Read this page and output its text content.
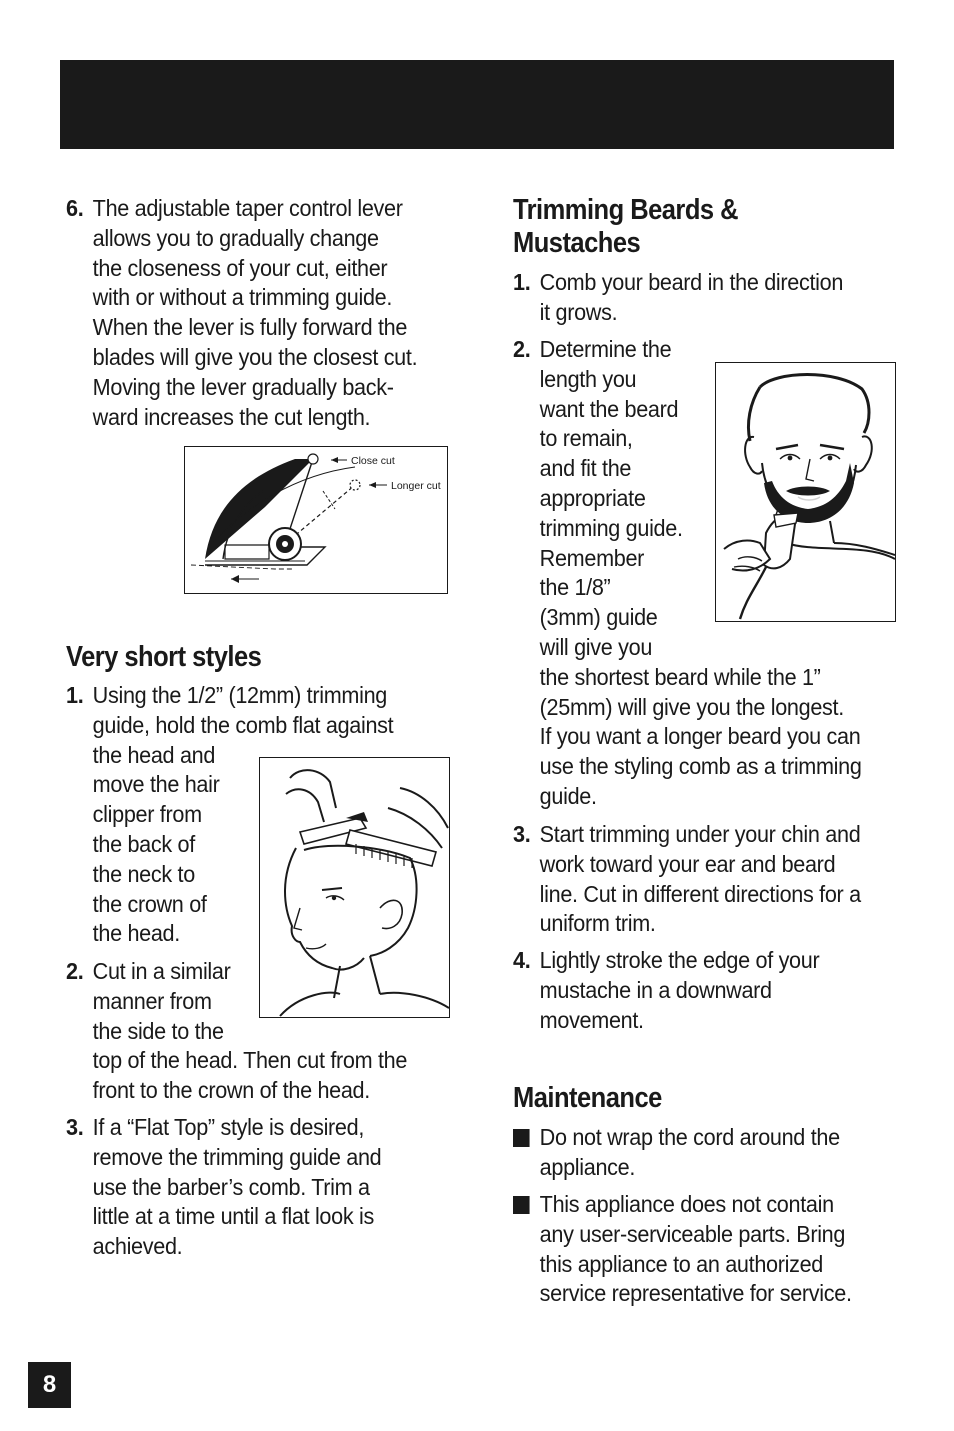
6. The adjustable taper control lever
allows you to gradually change
the closeness of your cut, either
with or without a trimming guide.
When the lever is fully forward the
blades will give you the closest cut.
Moving the lever gradually back-
ward increases the cut length.
Very short styles
1. Using the 1/2” (12mm) trimming
guide, hold the comb flat against
the head and
move the hair
clipper from
the back of
the neck to
the crown of
the head.
2. Cut in a similar
manner from
the side to the
top of the head. Then cut from the
front to the crown of the head.
3. If a “Flat Top” style is desired,
remove the trimming guide and
use the barber’s comb. Trim a
little at a time until a flat look is
achieved.
Close cut
Longer cut
Trimming Beards &
Mustaches
1. Comb your beard in the direction
it grows.
2. Determine the
length you
want the beard
to remain,
and fit the
appropriate
trimming guide.
Remember
the 1/8”
(3mm) guide
will give you
the shortest beard while the 1”
(25mm) will give you the longest.
If you want a longer beard you can
use the styling comb as a trimming
guide.
3. Start trimming under your chin and
work toward your ear and beard
line. Cut in different directions for a
uniform trim.
4. Lightly stroke the edge of your
mustache in a downward
movement.
Maintenance
Do not wrap the cord around the
appliance.
This appliance does not contain
any user-serviceable parts. Bring
this appliance to an authorized
service representative for service.
8
